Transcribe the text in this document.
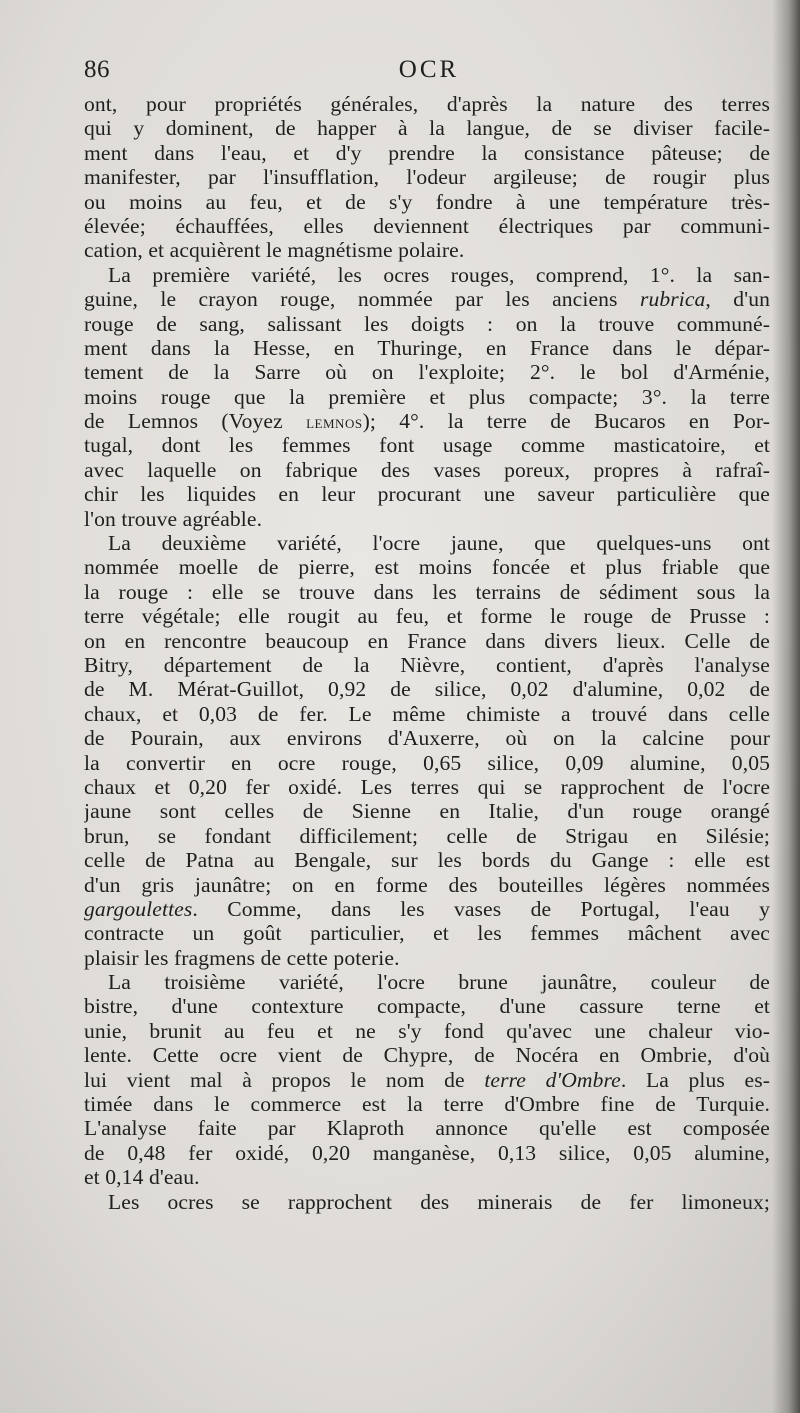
86	OCR
ont, pour propriétés générales, d'après la nature des terres
qui y dominent, de happer à la langue, de se diviser facile-
ment dans l'eau, et d'y prendre la consistance pâteuse; de
manifester, par l'insufflation, l'odeur argileuse; de rougir plus
ou moins au feu, et de s'y fondre à une température très-
élevée; échauffées, elles deviennent électriques par communi-
cation, et acquièrent le magnétisme polaire.
La première variété, les ocres rouges, comprend, 1°. la san-
guine, le crayon rouge, nommée par les anciens rubrica, d'un
rouge de sang, salissant les doigts : on la trouve communé-
ment dans la Hesse, en Thuringe, en France dans le dépar-
tement de la Sarre où on l'exploite; 2°. le bol d'Arménie,
moins rouge que la première et plus compacte; 3°. la terre
de Lemnos (Voyez lemnos); 4°. la terre de Bucaros en Por-
tugal, dont les femmes font usage comme masticatoire, et
avec laquelle on fabrique des vases poreux, propres à rafraî-
chir les liquides en leur procurant une saveur particulière que
l'on trouve agréable.
La deuxième variété, l'ocre jaune, que quelques-uns ont
nommée moelle de pierre, est moins foncée et plus friable que
la rouge : elle se trouve dans les terrains de sédiment sous la
terre végétale; elle rougit au feu, et forme le rouge de Prusse :
on en rencontre beaucoup en France dans divers lieux. Celle de
Bitry, département de la Nièvre, contient, d'après l'analyse
de M. Mérat-Guillot, 0,92 de silice, 0,02 d'alumine, 0,02 de
chaux, et 0,03 de fer. Le même chimiste a trouvé dans celle
de Pourain, aux environs d'Auxerre, où on la calcine pour
la convertir en ocre rouge, 0,65 silice, 0,09 alumine, 0,05
chaux et 0,20 fer oxidé. Les terres qui se rapprochent de l'ocre
jaune sont celles de Sienne en Italie, d'un rouge orangé
brun, se fondant difficilement; celle de Strigau en Silésie;
celle de Patna au Bengale, sur les bords du Gange : elle est
d'un gris jaunâtre; on en forme des bouteilles légères nommées
gargoulettes. Comme, dans les vases de Portugal, l'eau y
contracte un goût particulier, et les femmes mâchent avec
plaisir les fragmens de cette poterie.
La troisième variété, l'ocre brune jaunâtre, couleur de
bistre, d'une contexture compacte, d'une cassure terne et
unie, brunit au feu et ne s'y fond qu'avec une chaleur vio-
lente. Cette ocre vient de Chypre, de Nocéra en Ombrie, d'où
lui vient mal à propos le nom de terre d'Ombre. La plus es-
timée dans le commerce est la terre d'Ombre fine de Turquie.
L'analyse faite par Klaproth annonce qu'elle est composée
de 0,48 fer oxidé, 0,20 manganèse, 0,13 silice, 0,05 alumine,
et 0,14 d'eau.
Les ocres se rapprochent des minerais de fer limoneux;
